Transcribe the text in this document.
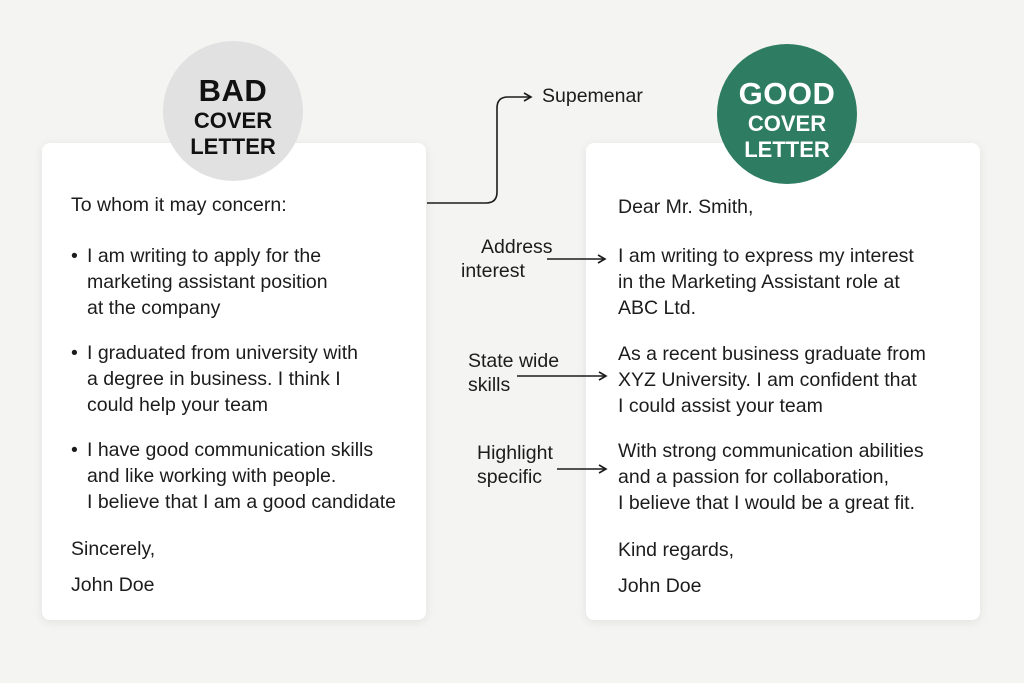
BAD
COVER
LETTER
GOOD
COVER
LETTER
To whom it may concern:
• I am writing to apply for the
marketing assistant position
at the company
• I graduated from university with
a degree in business. I think I
could help your team
• I have good communication skills
and like working with people.
I believe that I am a good candidate
Sincerely,
John Doe
Dear Mr. Smith,
I am writing to express my interest
in the Marketing Assistant role at
ABC Ltd.
As a recent business graduate from
XYZ University. I am confident that
I could assist your team
With strong communication abilities
and a passion for collaboration,
I believe that I would be a great fit.
Kind regards,
John Doe
Supemenar
Address
interest
State wide
skills
Highlight
specific
